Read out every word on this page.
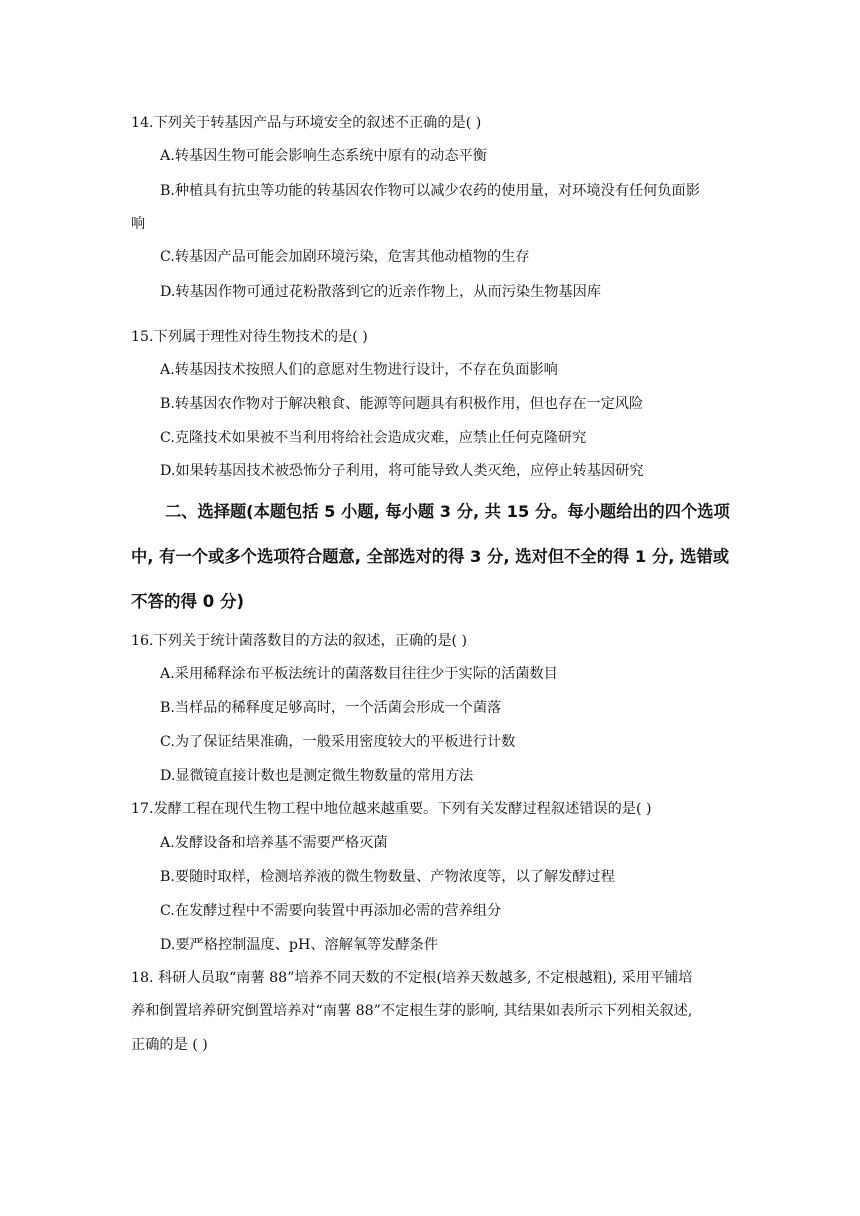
14.下列关于转基因产品与环境安全的叙述不正确的是( )
A.转基因生物可能会影响生态系统中原有的动态平衡
B.种植具有抗虫等功能的转基因农作物可以减少农药的使用量，对环境没有任何负面影
响
C.转基因产品可能会加剧环境污染，危害其他动植物的生存
D.转基因作物可通过花粉散落到它的近亲作物上，从而污染生物基因库
15.下列属于理性对待生物技术的是( )
A.转基因技术按照人们的意愿对生物进行设计，不存在负面影响
B.转基因农作物对于解决粮食、能源等问题具有积极作用，但也存在一定风险
C.克隆技术如果被不当利用将给社会造成灾难，应禁止任何克隆研究
D.如果转基因技术被恐怖分子利用，将可能导致人类灭绝，应停止转基因研究
二、选择题(本题包括 5 小题, 每小题 3 分, 共 15 分。每小题给出的四个选项
中, 有一个或多个选项符合题意, 全部选对的得 3 分, 选对但不全的得 1 分, 选错或
不答的得 0 分)
16.下列关于统计菌落数目的方法的叙述，正确的是( )
A.采用稀释涂布平板法统计的菌落数目往往少于实际的活菌数目
B.当样品的稀释度足够高时，一个活菌会形成一个菌落
C.为了保证结果准确，一般采用密度较大的平板进行计数
D.显微镜直接计数也是测定微生物数量的常用方法
17.发酵工程在现代生物工程中地位越来越重要。下列有关发酵过程叙述错误的是( )
A.发酵设备和培养基不需要严格灭菌
B.要随时取样，检测培养液的微生物数量、产物浓度等，以了解发酵过程
C.在发酵过程中不需要向装置中再添加必需的营养组分
D.要严格控制温度、pH、溶解氧等发酵条件
18. 科研人员取“南薯 88”培养不同天数的不定根(培养天数越多, 不定根越粗), 采用平铺培
养和倒置培养研究倒置培养对“南薯 88”不定根生芽的影响, 其结果如表所示下列相关叙述,
正确的是 ( )
